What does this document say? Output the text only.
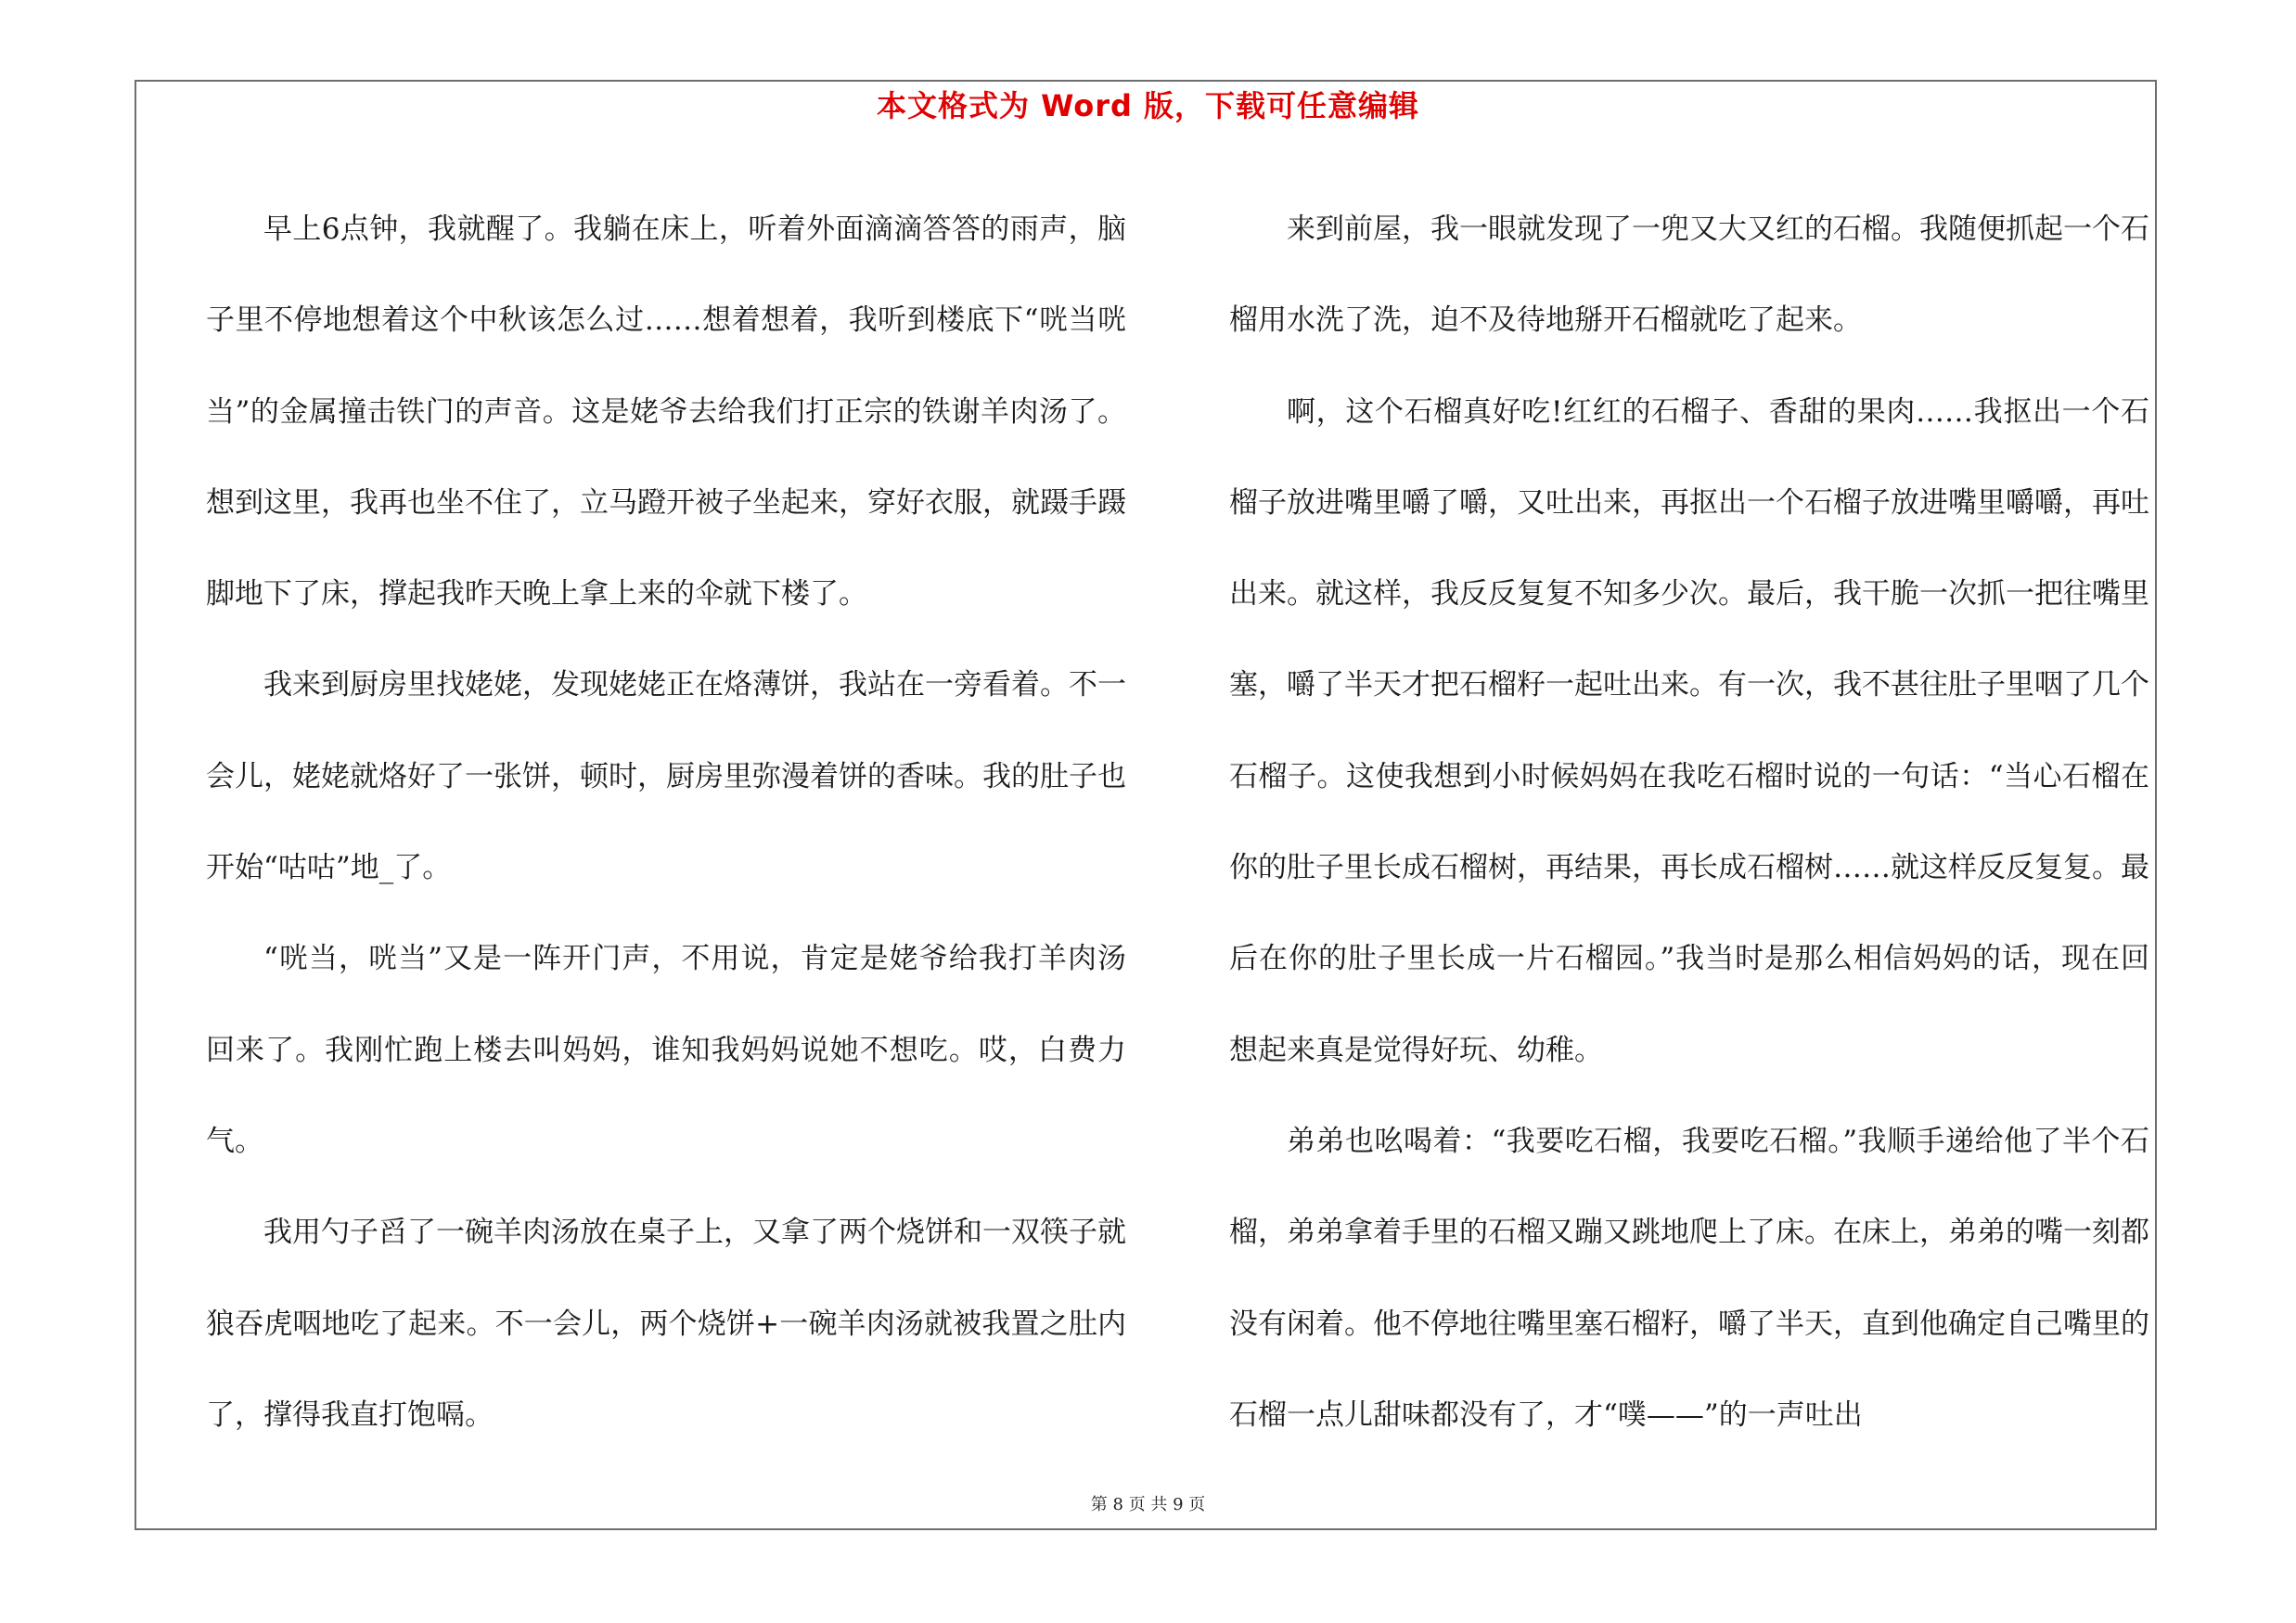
本文格式为 Word 版，下载可任意编辑

早上6点钟，我就醒了。我躺在床上，听着外面滴滴答答的雨声，脑子里不停地想着这个中秋该怎么过……想着想着，我听到楼底下“咣当咣当”的金属撞击铁门的声音。这是姥爷去给我们打正宗的铁谢羊肉汤了。想到这里，我再也坐不住了，立马蹬开被子坐起来，穿好衣服，就蹑手蹑脚地下了床，撑起我昨天晚上拿上来的伞就下楼了。

我来到厨房里找姥姥，发现姥姥正在烙薄饼，我站在一旁看着。不一会儿，姥姥就烙好了一张饼，顿时，厨房里弥漫着饼的香味。我的肚子也开始“咕咕”地_了。

“咣当，咣当”又是一阵开门声，不用说，肯定是姥爷给我打羊肉汤回来了。我刚忙跑上楼去叫妈妈，谁知我妈妈说她不想吃。哎，白费力气。

我用勺子舀了一碗羊肉汤放在桌子上，又拿了两个烧饼和一双筷子就狼吞虎咽地吃了起来。不一会儿，两个烧饼+一碗羊肉汤就被我置之肚内了，撑得我直打饱嗝。

来到前屋，我一眼就发现了一兜又大又红的石榴。我随便抓起一个石榴用水洗了洗，迫不及待地掰开石榴就吃了起来。

啊，这个石榴真好吃!红红的石榴子、香甜的果肉……我抠出一个石榴子放进嘴里嚼了嚼，又吐出来，再抠出一个石榴子放进嘴里嚼嚼，再吐出来。就这样，我反反复复不知多少次。最后，我干脆一次抓一把往嘴里塞，嚼了半天才把石榴籽一起吐出来。有一次，我不甚往肚子里咽了几个石榴子。这使我想到小时候妈妈在我吃石榴时说的一句话：“当心石榴在你的肚子里长成石榴树，再结果，再长成石榴树……就这样反反复复。最后在你的肚子里长成一片石榴园。”我当时是那么相信妈妈的话，现在回想起来真是觉得好玩、幼稚。

弟弟也吆喝着：“我要吃石榴，我要吃石榴。”我顺手递给他了半个石榴，弟弟拿着手里的石榴又蹦又跳地爬上了床。在床上，弟弟的嘴一刻都没有闲着。他不停地往嘴里塞石榴籽，嚼了半天，直到他确定自己嘴里的石榴一点儿甜味都没有了，才“噗——”的一声吐出

第 8 页 共 9 页
